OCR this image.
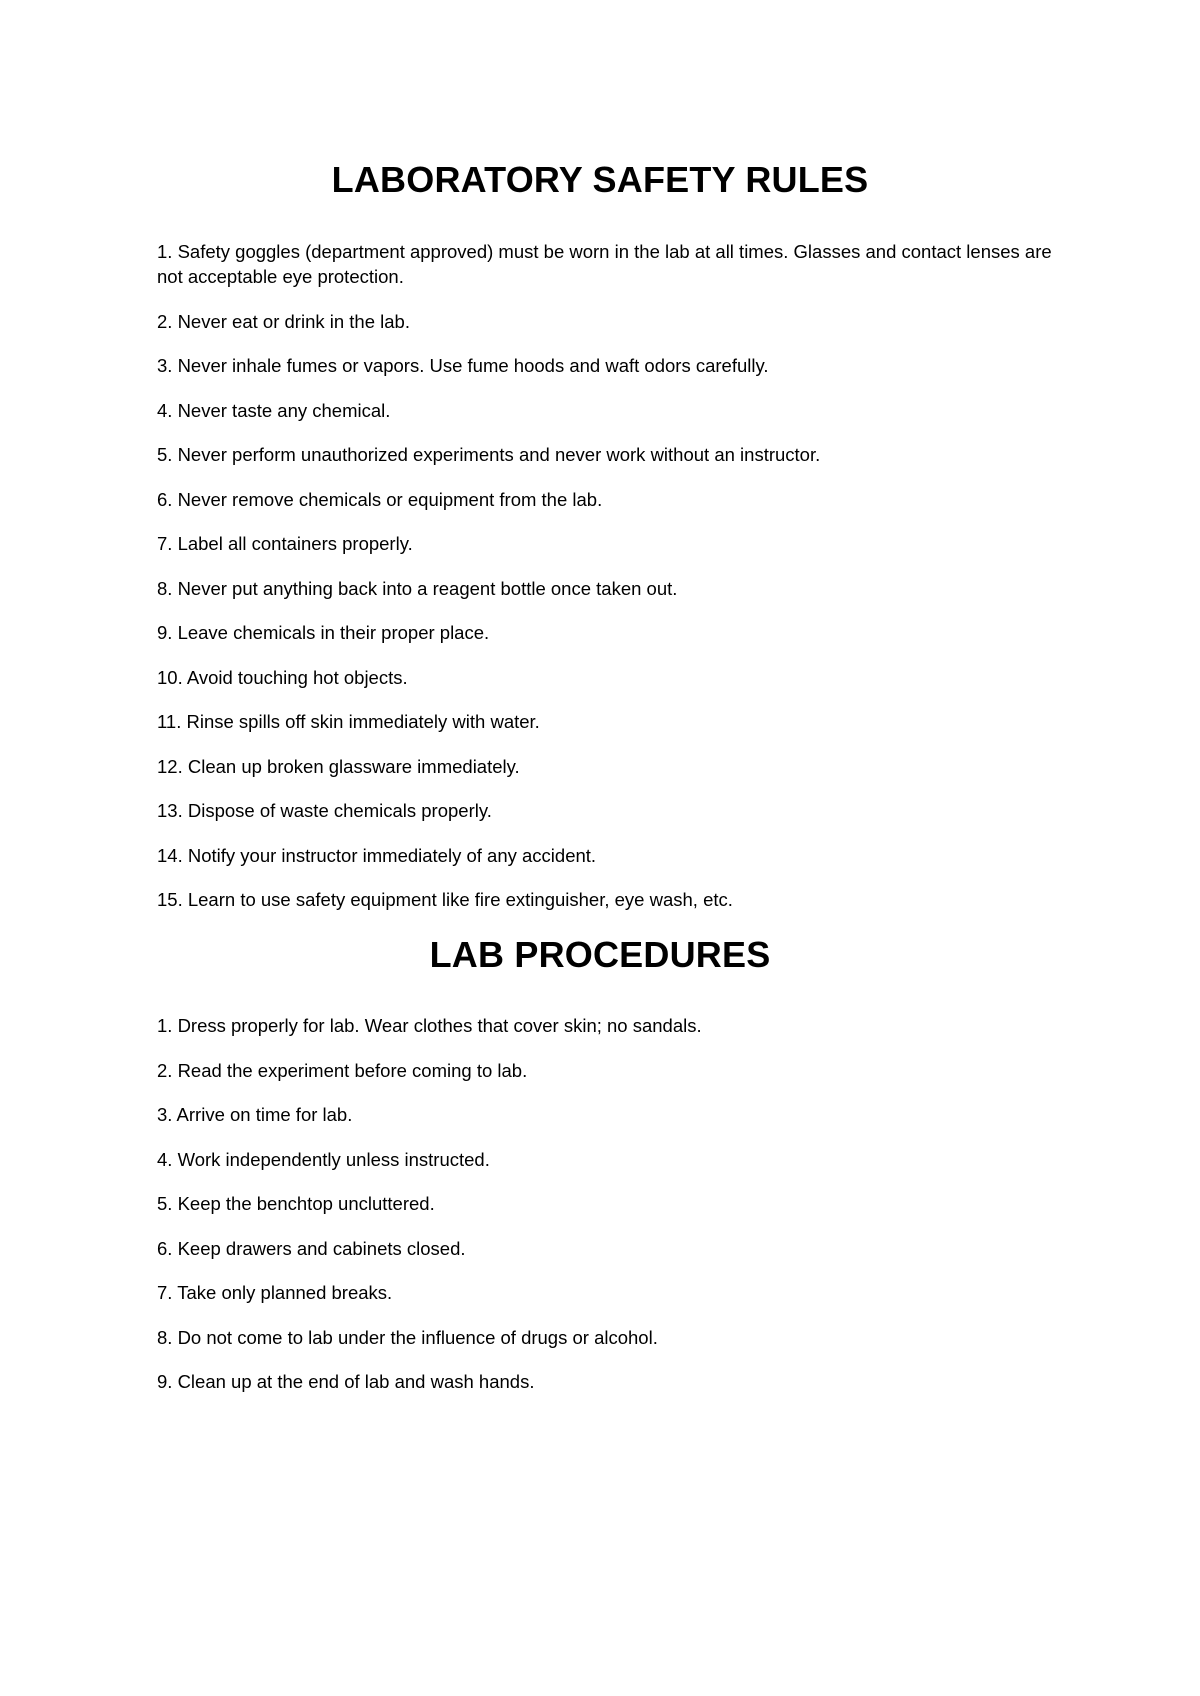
LABORATORY SAFETY RULES

1. Safety goggles (department approved) must be worn in the lab at all times. Glasses and contact lenses are not acceptable eye protection.

2. Never eat or drink in the lab.

3. Never inhale fumes or vapors. Use fume hoods and waft odors carefully.

4. Never taste any chemical.

5. Never perform unauthorized experiments and never work without an instructor.

6. Never remove chemicals or equipment from the lab.

7. Label all containers properly.

8. Never put anything back into a reagent bottle once taken out.

9. Leave chemicals in their proper place.

10. Avoid touching hot objects.

11. Rinse spills off skin immediately with water.

12. Clean up broken glassware immediately.

13. Dispose of waste chemicals properly.

14. Notify your instructor immediately of any accident.

15. Learn to use safety equipment like fire extinguisher, eye wash, etc.

LAB PROCEDURES

1. Dress properly for lab. Wear clothes that cover skin; no sandals.

2. Read the experiment before coming to lab.

3. Arrive on time for lab.

4. Work independently unless instructed.

5. Keep the benchtop uncluttered.

6. Keep drawers and cabinets closed.

7. Take only planned breaks.

8. Do not come to lab under the influence of drugs or alcohol.

9. Clean up at the end of lab and wash hands.
